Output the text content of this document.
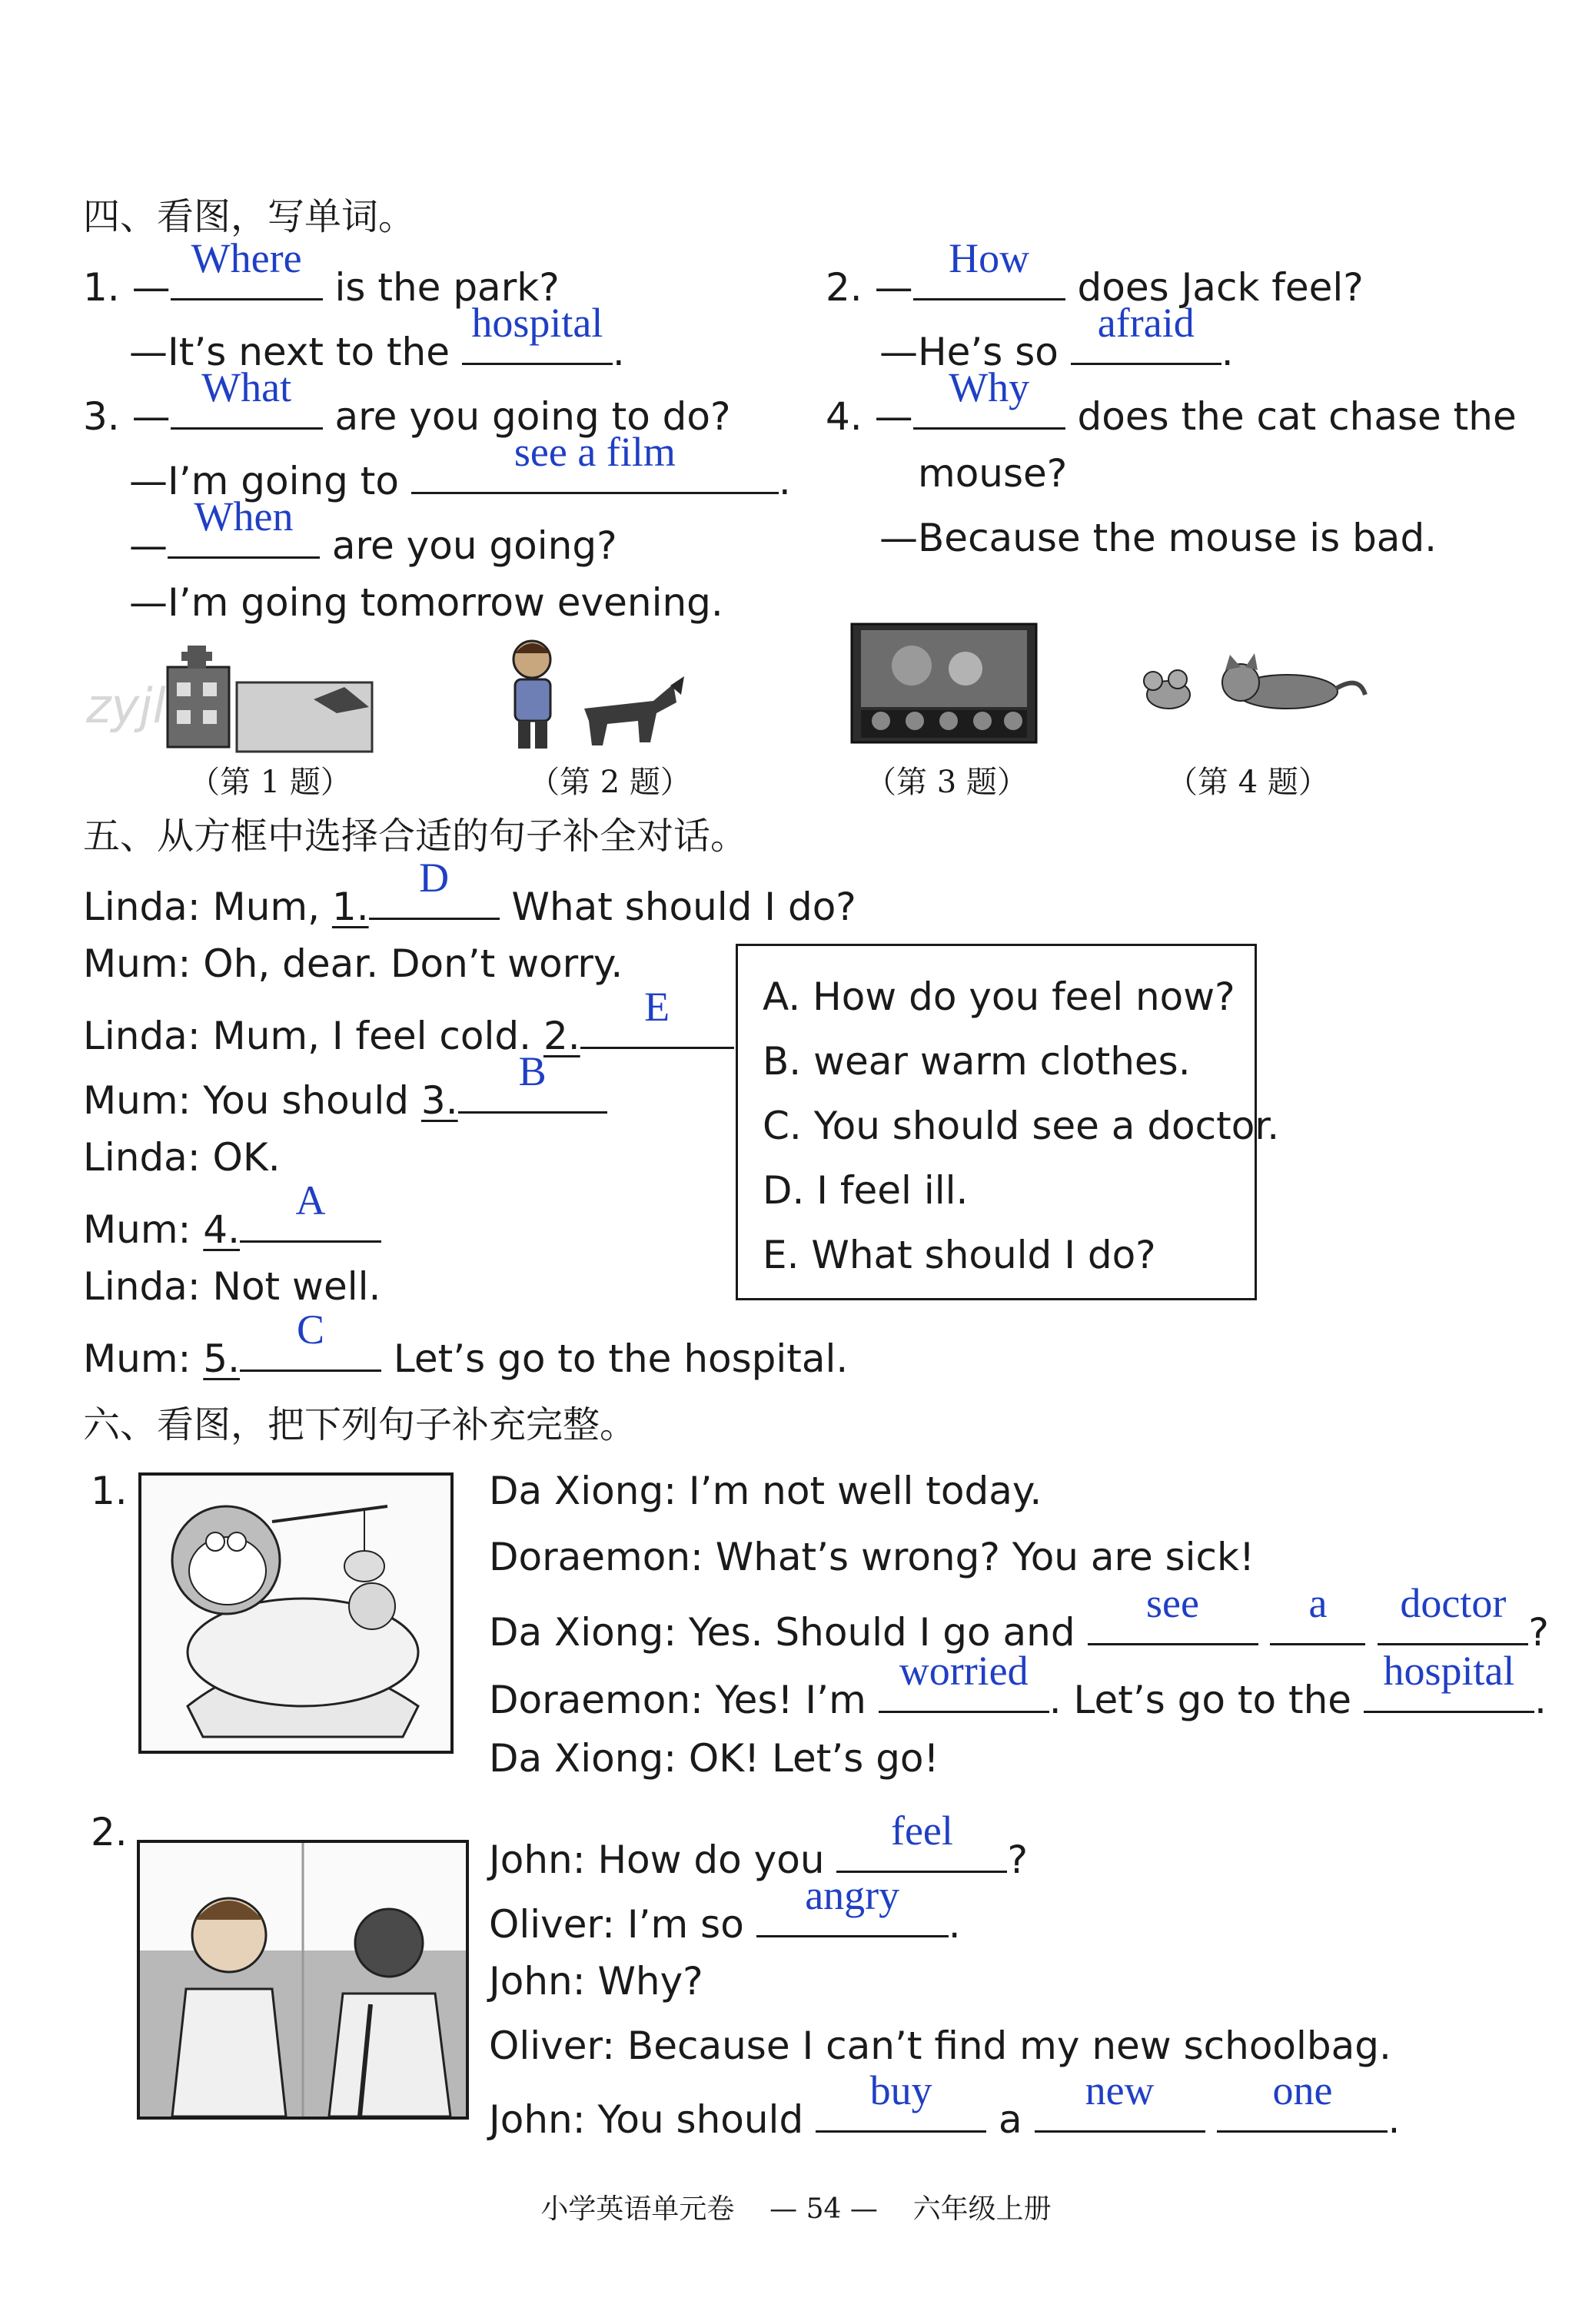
四、看图，写单词。
1. —
Where
is the park?
—It’s next to the
hospital
.
2. —
How
does Jack feel?
—He’s so
afraid
.
3. —
What
are you going to do?
—I’m going to
see a film
.
—
When
are you going?
—I’m going tomorrow evening.
4. —
Why
does the cat chase the
mouse?
—Because the mouse is bad.
zyjl
（第 1 题）	（第 2 题）	（第 3 题）	（第 4 题）
五、从方框中选择合适的句子补全对话。
Linda: Mum, 1.
D
What should I do?
Mum: Oh, dear. Don’t worry.
Linda: Mum, I feel cold. 2.
E
Mum: You should 3.
B
Linda: OK.
Mum: 4.
A
Linda: Not well.
Mum: 5.
C
Let’s go to the hospital.
A. How do you feel now?
B. wear warm clothes.
C. You should see a doctor.
D. I feel ill.
E. What should I do?
六、看图，把下列句子补充完整。
1.	Da Xiong: I’m not well today.
Doraemon: What’s wrong? You are sick!
Da Xiong: Yes. Should I go and
see
	a
	doctor
?
Doraemon: Yes! I’m
worried
. Let’s go to the
hospital
.
Da Xiong: OK! Let’s go!
2.
John: How do you
feel
?
Oliver: I’m so
angry
.
John: Why?
Oliver: Because I can’t find my new schoolbag.
John: You should
buy
a
new
	one
.
小学英语单元卷 — 54 — 六年级上册
